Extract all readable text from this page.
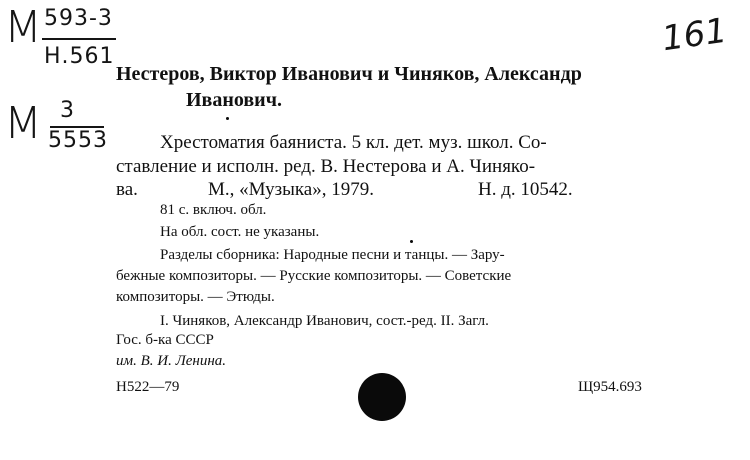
М 593-3
Н.561
М 3
5553
161
Нестеров, Виктор Иванович и Чиняков, Александр
Иванович.
Хрестоматия баяниста. 5 кл. дет. муз. школ. Со-
ставление и исполн. ред. В. Нестерова и А. Чиняко-
ва.	М., «Музыка», 1979.	Н. д. 10542.
81 с. включ. обл.
На обл. сост. не указаны.
Разделы сборника: Народные песни и танцы. — Зару-
бежные композиторы. — Русские композиторы. — Советские
композиторы. — Этюды.
I. Чиняков, Александр Иванович, сост.-ред. II. Загл.
Гос. б-ка СССР
им. В. И. Ленина.
Н522—79	Щ954.693
